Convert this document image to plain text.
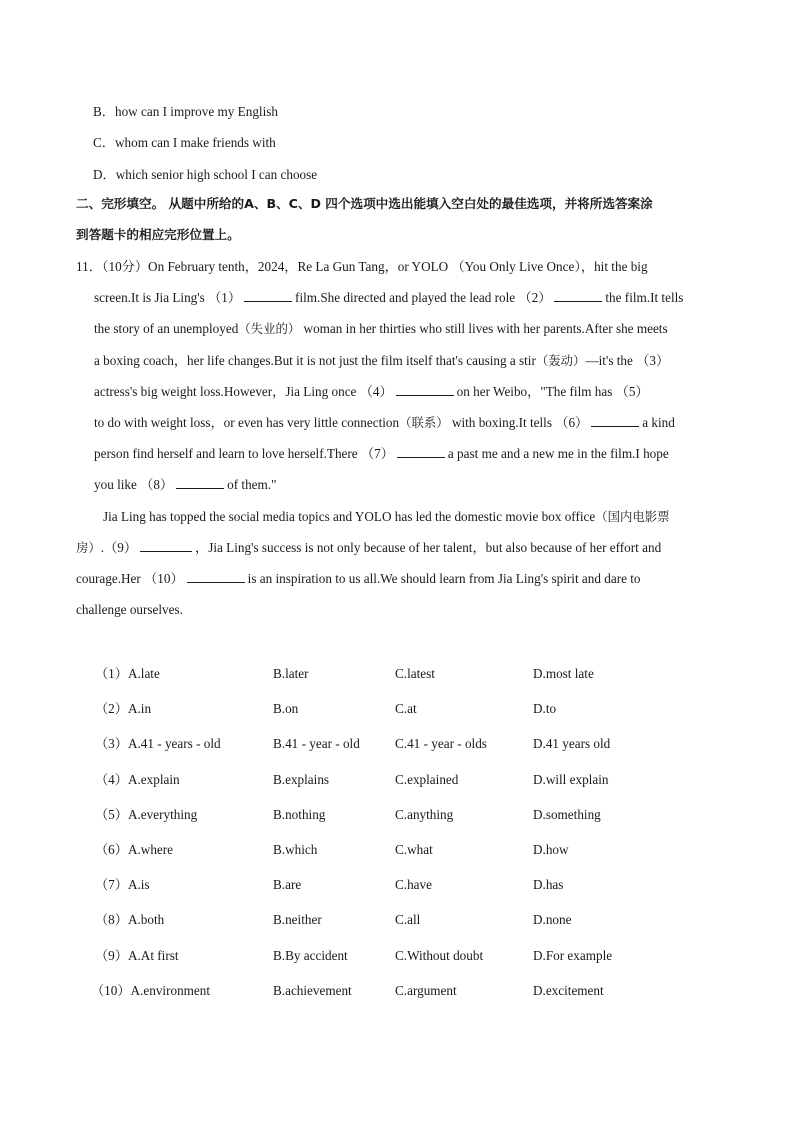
B．how can I improve my English
C．whom can I make friends with
D．which senior high school I can choose
二、完形填空。 从题中所给的A、B、C、D 四个选项中选出能填入空白处的最佳选项，并将所选答案涂
到答题卡的相应完形位置上。
11．（10分）On February tenth，2024，Re La Gun Tang，or YOLO （You Only Live Once），hit the big
screen.It is Jia Ling's （1）	film.She directed and played the lead role （2）	the film.It tells
the story of an unemployed（失业的） woman in her thirties who still lives with her parents.After she meets
a boxing coach，her life changes.But it is not just the film itself that's causing a stir（轰动）—it's the （3）
actress's big weight loss.However，Jia Ling once （4）	on her Weibo，"The film has （5）
to do with weight loss，or even has very little connection（联系） with boxing.It tells （6）	a kind
person find herself and learn to love herself.There （7）	a past me and a new me in the film.I hope
you like （8）	of them."
Jia Ling has topped the social media topics and YOLO has led the domestic movie box office（国内电影票
房）.（9）	，Jia Ling's success is not only because of her talent，but also because of her effort and
courage.Her （10）	is an inspiration to us all.We should learn from Jia Ling's spirit and dare to
challenge ourselves.
（1）A.late	B.later	C.latest	D.most late
（2）A.in	B.on	C.at	D.to
（3）A.41 - years - old	B.41 - year - old	C.41 - year - olds	D.41 years old
（4）A.explain	B.explains	C.explained	D.will explain
（5）A.everything	B.nothing	C.anything	D.something
（6）A.where	B.which	C.what	D.how
（7）A.is	B.are	C.have	D.has
（8）A.both	B.neither	C.all	D.none
（9）A.At first	B.By accident	C.Without doubt	D.For example
（10）A.environment	B.achievement	C.argument	D.excitement
